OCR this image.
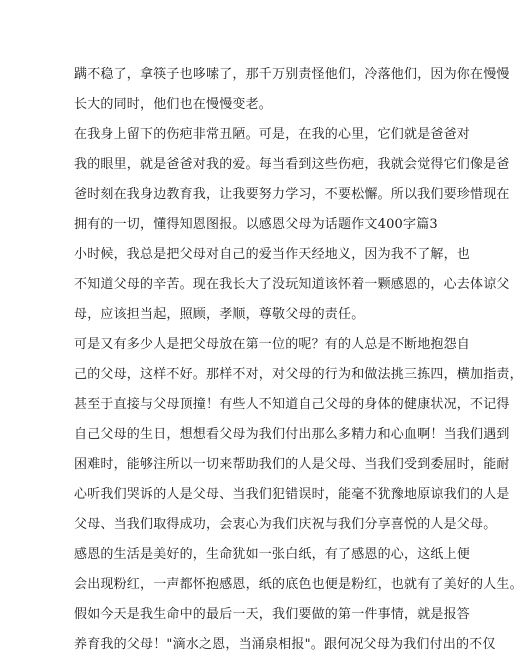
蹒不稳了，拿筷子也哆嗦了，那千万别责怪他们，冷落他们，因为你在慢慢
长大的同时，他们也在慢慢变老。

在我身上留下的伤疤非常丑陋。可是，在我的心里，它们就是爸爸对
我的眼里，就是爸爸对我的爱。每当看到这些伤疤，我就会觉得它们像是爸
爸时刻在我身边教育我，让我要努力学习，不要松懈。所以我们要珍惜现在
拥有的一切，懂得知恩图报。以感恩父母为话题作文400字篇3

小时候，我总是把父母对自己的爱当作天经地义，因为我不了解，也
不知道父母的辛苦。现在我长大了没玩知道该怀着一颗感恩的，心去体谅父
母，应该担当起，照顾，孝顺，尊敬父母的责任。

可是又有多少人是把父母放在第一位的呢？有的人总是不断地抱怨自
己的父母，这样不好。那样不对，对父母的行为和做法挑三拣四，横加指责，
甚至于直接与父母顶撞！有些人不知道自己父母的身体的健康状况，不记得
自己父母的生日，想想看父母为我们付出那么多精力和心血啊！当我们遇到
困难时，能够注所以一切来帮助我们的人是父母、当我们受到委屈时，能耐
心听我们哭诉的人是父母、当我们犯错误时，能毫不犹豫地原谅我们的人是
父母、当我们取得成功，会衷心为我们庆祝与我们分享喜悦的人是父母。

感恩的生活是美好的，生命犹如一张白纸，有了感恩的心，这纸上便
会出现粉红，一声都怀抱感恩，纸的底色也便是粉红，也就有了美好的人生。

假如今天是我生命中的最后一天，我们要做的第一件事情，就是报答
养育我的父母！"滴水之恩，当涌泉相报"。跟何况父母为我们付出的不仅
